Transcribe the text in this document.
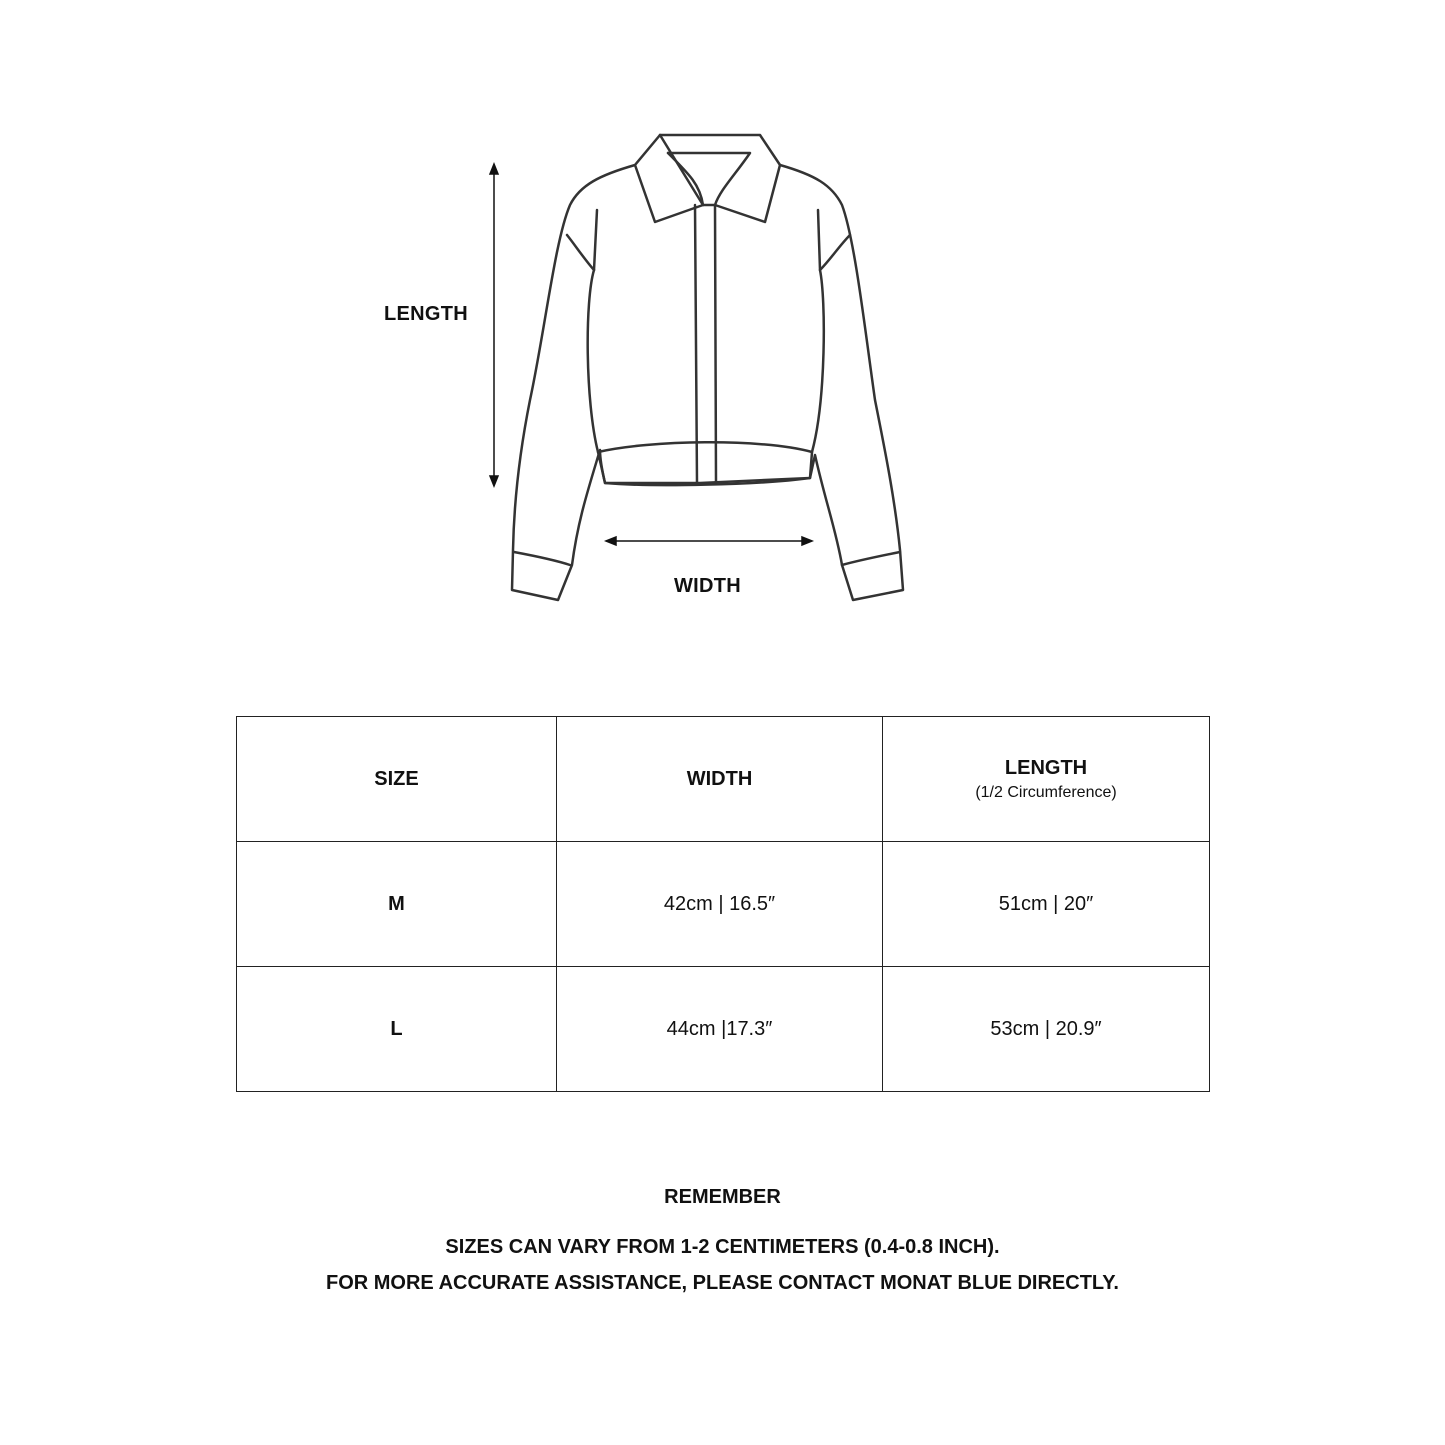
LENGTH
WIDTH
SIZE	WIDTH	LENGTH
(1/2 Circumference)

M	42cm | 16.5″	51cm | 20″
L	44cm |17.3″	53cm | 20.9″
REMEMBER
SIZES CAN VARY FROM 1-2 CENTIMETERS (0.4-0.8 INCH).
FOR MORE ACCURATE ASSISTANCE, PLEASE CONTACT MONAT BLUE DIRECTLY.
